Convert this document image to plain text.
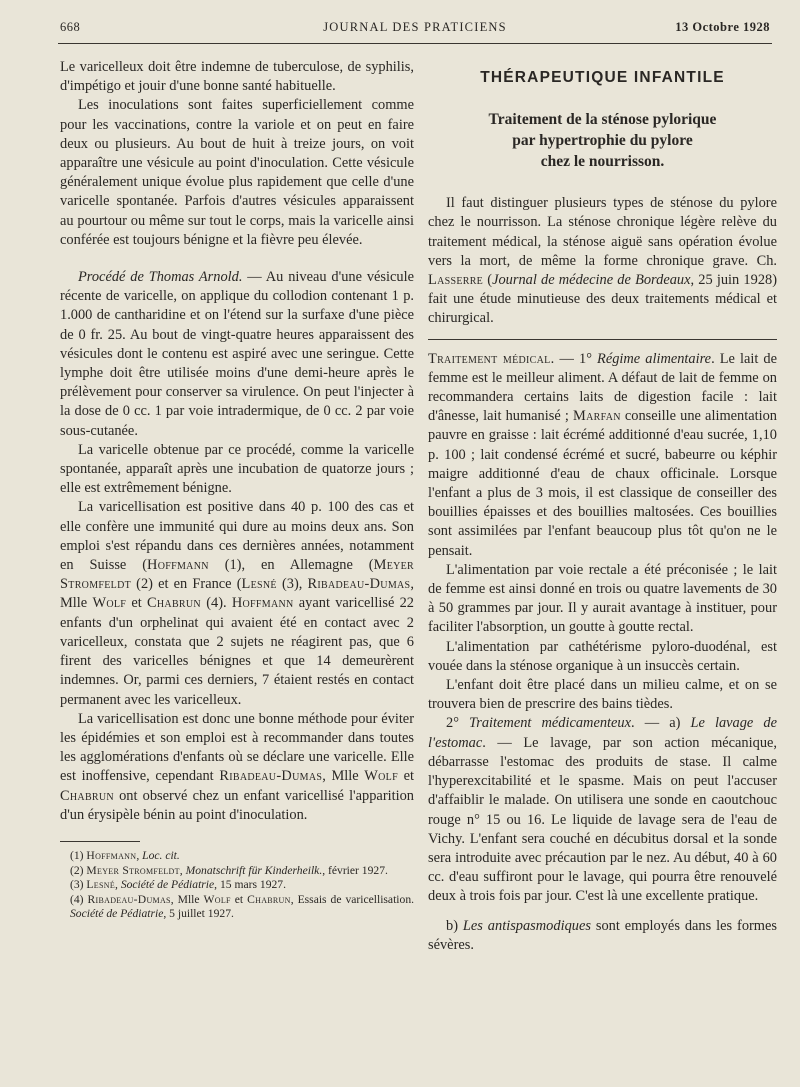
668	JOURNAL DES PRATICIENS	13 Octobre 1928

Le varicelleux doit être indemne de tuberculose, de syphilis, d'impétigo et jouir d'une bonne santé habituelle.

Les inoculations sont faites superficiellement comme pour les vaccinations, contre la variole et on peut en faire deux ou plusieurs. Au bout de huit à treize jours, on voit apparaître une vésicule au point d'inoculation. Cette vésicule généralement unique évolue plus rapidement que celle d'une varicelle spontanée. Parfois d'autres vésicules apparaissent au pourtour ou même sur tout le corps, mais la varicelle ainsi conférée est toujours bénigne et la fièvre peu élevée.

Procédé de Thomas Arnold. — Au niveau d'une vésicule récente de varicelle, on applique du collodion contenant 1 p. 1.000 de cantharidine et on l'étend sur la surfaxe d'une pièce de 0 fr. 25. Au bout de vingt-quatre heures apparaissent des vésicules dont le contenu est aspiré avec une seringue. Cette lymphe doit être utilisée moins d'une demi-heure après le prélèvement pour conserver sa virulence. On peut l'injecter à la dose de 0 cc. 1 par voie intradermique, de 0 cc. 2 par voie sous-cutanée.

La varicelle obtenue par ce procédé, comme la varicelle spontanée, apparaît après une incubation de quatorze jours ; elle est extrêmement bénigne.

La varicellisation est positive dans 40 p. 100 des cas et elle confère une immunité qui dure au moins deux ans. Son emploi s'est répandu dans ces dernières années, notamment en Suisse (Hoffmann (1), en Allemagne (Meyer Stromfeldt (2) et en France (Lesné (3), Ribadeau-Dumas, Mlle Wolf et Chabrun (4). Hoffmann ayant varicellisé 22 enfants d'un orphelinat qui avaient été en contact avec 2 varicelleux, constata que 2 sujets ne réagirent pas, que 6 firent des varicelles bénignes et que 14 demeurèrent indemnes. Or, parmi ces derniers, 7 étaient restés en contact permanent avec les varicelleux.

La varicellisation est donc une bonne méthode pour éviter les épidémies et son emploi est à recommander dans toutes les agglomérations d'enfants où se déclare une varicelle. Elle est inoffensive, cependant Ribadeau-Dumas, Mlle Wolf et Chabrun ont observé chez un enfant varicellisé l'apparition d'un érysipèle bénin au point d'inoculation.

(1) Hoffmann, Loc. cit.

(2) Meyer Stromfeldt, Monatschrift für Kinderheilk., février 1927.

(3) Lesné, Société de Pédiatrie, 15 mars 1927.

(4) Ribadeau-Dumas, Mlle Wolf et Chabrun, Essais de varicellisation. Société de Pédiatrie, 5 juillet 1927.

THÉRAPEUTIQUE INFANTILE
Traitement de la sténose pylorique
par hypertrophie du pylore
chez le nourrisson.

Il faut distinguer plusieurs types de sténose du pylore chez le nourrisson. La sténose chronique légère relève du traitement médical, la sténose aiguë sans opération évolue vers la mort, de même la forme chronique grave. Ch. Lasserre (Journal de médecine de Bordeaux, 25 juin 1928) fait une étude minutieuse des deux traitements médical et chirurgical.

Traitement médical. — 1° Régime alimentaire. Le lait de femme est le meilleur aliment. A défaut de lait de femme on recommandera certains laits de digestion facile : lait d'ânesse, lait humanisé ; Marfan conseille une alimentation pauvre en graisse : lait écrémé additionné d'eau sucrée, 1,10 p. 100 ; lait condensé écrémé et sucré, babeurre ou képhir maigre additionné d'eau de chaux officinale. Lorsque l'enfant a plus de 3 mois, il est classique de conseiller des bouillies épaisses et des bouillies maltosées. Ces bouillies sont assimilées par l'enfant beaucoup plus tôt qu'on ne le pensait.

L'alimentation par voie rectale a été préconisée ; le lait de femme est ainsi donné en trois ou quatre lavements de 30 à 50 grammes par jour. Il y aurait avantage à instituer, pour faciliter l'absorption, un goutte à goutte rectal.

L'alimentation par cathétérisme pyloro-duodénal, est vouée dans la sténose organique à un insuccès certain.

L'enfant doit être placé dans un milieu calme, et on se trouvera bien de prescrire des bains tièdes.

2° Traitement médicamenteux. — a) Le lavage de l'estomac. — Le lavage, par son action mécanique, débarrasse l'estomac des produits de stase. Il calme l'hyperexcitabilité et le spasme. Mais on peut l'accuser d'affaiblir le malade. On utilisera une sonde en caoutchouc rouge n° 15 ou 16. Le liquide de lavage sera de l'eau de Vichy. L'enfant sera couché en décubitus dorsal et la sonde sera introduite avec précaution par le nez. Au début, 40 à 60 cc. d'eau suffiront pour le lavage, qui pourra être renouvelé deux à trois fois par jour. C'est là une excellente pratique.

b) Les antispasmodiques sont employés dans les formes sévères.
